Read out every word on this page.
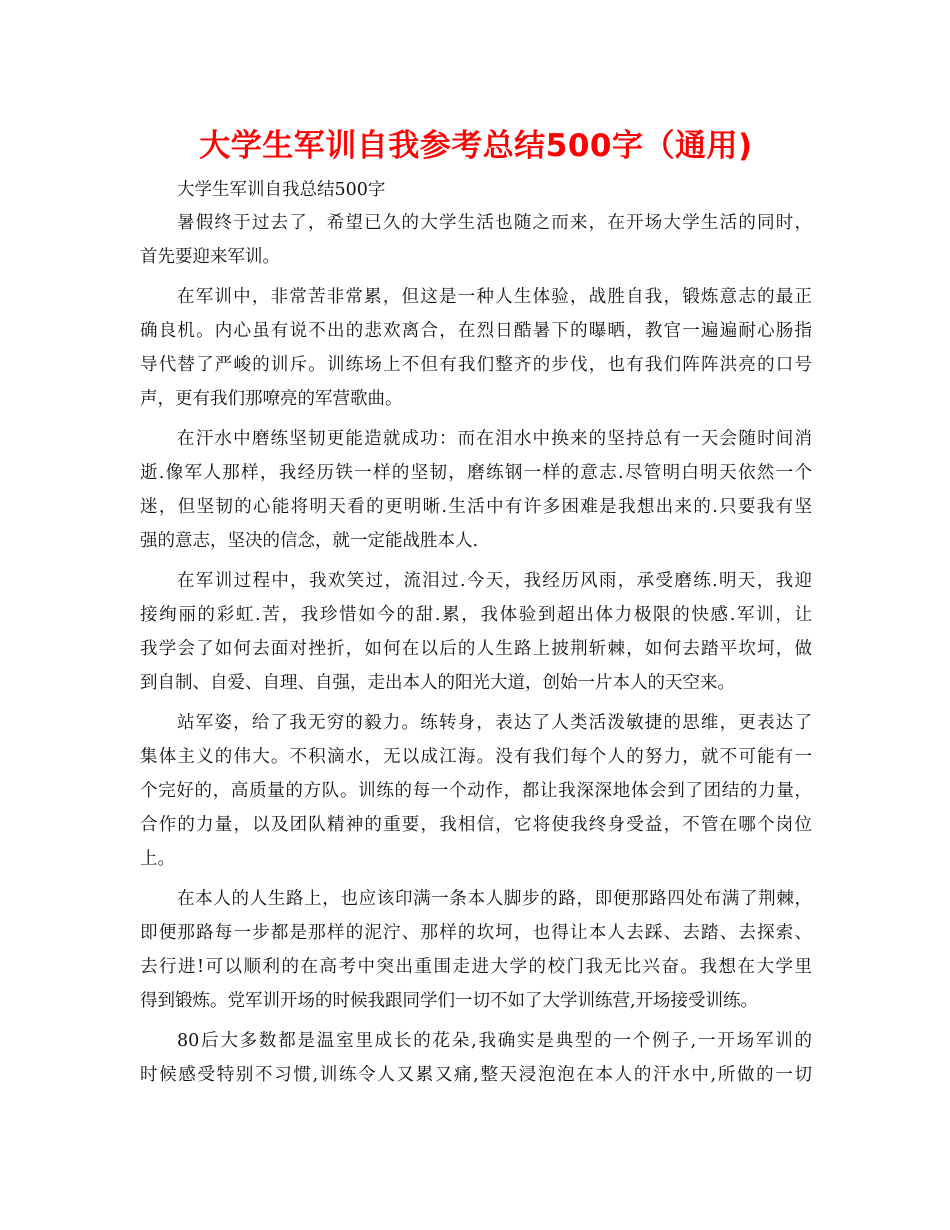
大学生军训自我参考总结500字（通用)

大学生军训自我总结500字

暑假终于过去了，希望已久的大学生活也随之而来，在开场大学生活的同时，
首先要迎来军训。

在军训中，非常苦非常累，但这是一种人生体验，战胜自我，锻炼意志的最正
确良机。内心虽有说不出的悲欢离合，在烈日酷暑下的曝晒，教官一遍遍耐心肠指
导代替了严峻的训斥。训练场上不但有我们整齐的步伐，也有我们阵阵洪亮的口号
声，更有我们那嘹亮的军营歌曲。

在汗水中磨练坚韧更能造就成功：而在泪水中换来的坚持总有一天会随时间消
逝.像军人那样，我经历铁一样的坚韧，磨练钢一样的意志.尽管明白明天依然一个
迷，但坚韧的心能将明天看的更明晰.生活中有许多困难是我想出来的.只要我有坚
强的意志，坚决的信念，就一定能战胜本人.

在军训过程中，我欢笑过，流泪过.今天，我经历风雨，承受磨练.明天，我迎
接绚丽的彩虹.苦，我珍惜如今的甜.累，我体验到超出体力极限的快感.军训，让
我学会了如何去面对挫折，如何在以后的人生路上披荆斩棘，如何去踏平坎坷，做
到自制、自爱、自理、自强，走出本人的阳光大道，创始一片本人的天空来。

站军姿，给了我无穷的毅力。练转身，表达了人类活泼敏捷的思维，更表达了
集体主义的伟大。不积滴水，无以成江海。没有我们每个人的努力，就不可能有一
个完好的，高质量的方队。训练的每一个动作，都让我深深地体会到了团结的力量，
合作的力量，以及团队精神的重要，我相信，它将使我终身受益，不管在哪个岗位
上。

在本人的人生路上，也应该印满一条本人脚步的路，即便那路四处布满了荆棘，
即便那路每一步都是那样的泥泞、那样的坎坷，也得让本人去踩、去踏、去探索、
去行进!可以顺利的在高考中突出重围走进大学的校门我无比兴奋。我想在大学里
得到锻炼。党军训开场的时候我跟同学们一切不如了大学训练营,开场接受训练。

80后大多数都是温室里成长的花朵,我确实是典型的一个例子,一开场军训的
时候感受特别不习惯,训练令人又累又痛,整天浸泡泡在本人的汗水中,所做的一切
